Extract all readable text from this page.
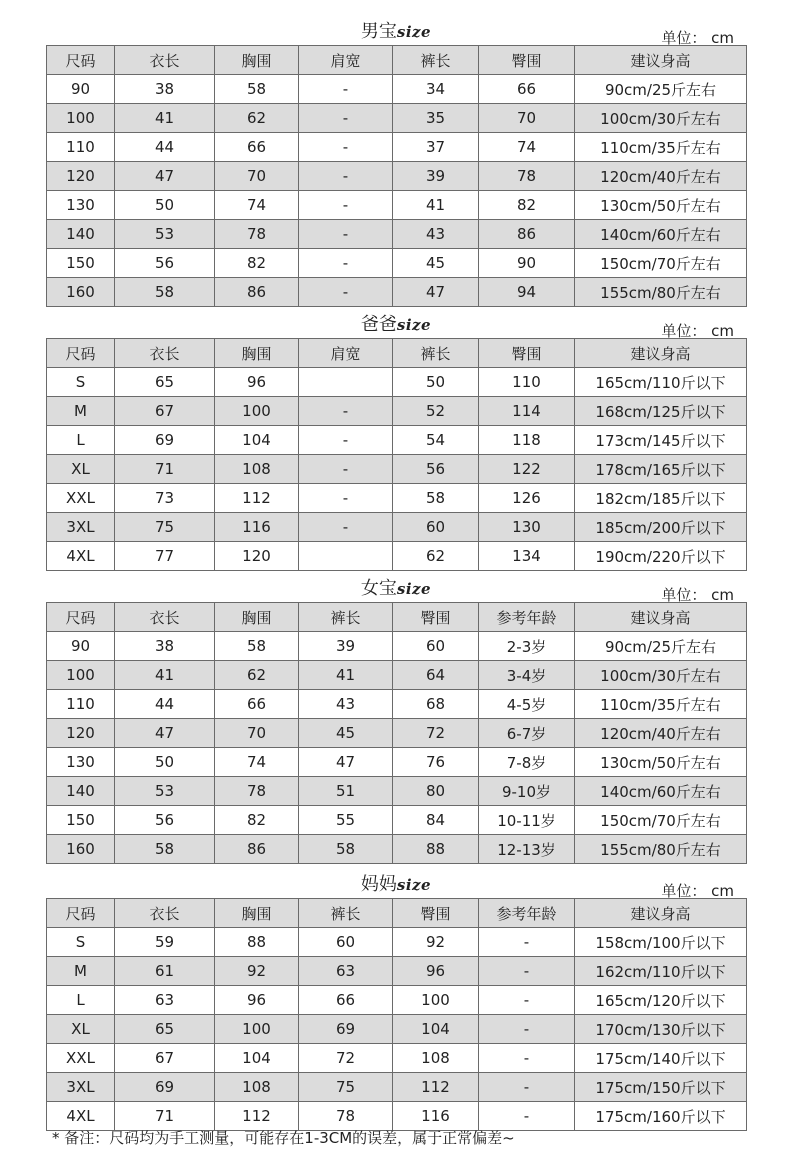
男宝size	单位： cm
尺码	衣长	胸围	肩宽	裤长	臀围	建议身高
90	38	58	-	34	66	90cm/25斤左右
100	41	62	-	35	70	100cm/30斤左右
110	44	66	-	37	74	110cm/35斤左右
120	47	70	-	39	78	120cm/40斤左右
130	50	74	-	41	82	130cm/50斤左右
140	53	78	-	43	86	140cm/60斤左右
150	56	82	-	45	90	150cm/70斤左右
160	58	86	-	47	94	155cm/80斤左右
爸爸size	单位： cm
尺码	衣长	胸围	肩宽	裤长	臀围	建议身高
S	65	96		50	110	165cm/110斤以下
M	67	100	-	52	114	168cm/125斤以下
L	69	104	-	54	118	173cm/145斤以下
XL	71	108	-	56	122	178cm/165斤以下
XXL	73	112	-	58	126	182cm/185斤以下
3XL	75	116	-	60	130	185cm/200斤以下
4XL	77	120		62	134	190cm/220斤以下
女宝size	单位： cm
尺码	衣长	胸围	裤长	臀围	参考年龄	建议身高
90	38	58	39	60	2-3岁	90cm/25斤左右
100	41	62	41	64	3-4岁	100cm/30斤左右
110	44	66	43	68	4-5岁	110cm/35斤左右
120	47	70	45	72	6-7岁	120cm/40斤左右
130	50	74	47	76	7-8岁	130cm/50斤左右
140	53	78	51	80	9-10岁	140cm/60斤左右
150	56	82	55	84	10-11岁	150cm/70斤左右
160	58	86	58	88	12-13岁	155cm/80斤左右
妈妈size	单位： cm
尺码	衣长	胸围	裤长	臀围	参考年龄	建议身高
S	59	88	60	92	-	158cm/100斤以下
M	61	92	63	96	-	162cm/110斤以下
L	63	96	66	100	-	165cm/120斤以下
XL	65	100	69	104	-	170cm/130斤以下
XXL	67	104	72	108	-	175cm/140斤以下
3XL	69	108	75	112	-	175cm/150斤以下
4XL	71	112	78	116	-	175cm/160斤以下
* 备注：尺码均为手工测量，可能存在1-3CM的误差，属于正常偏差~
